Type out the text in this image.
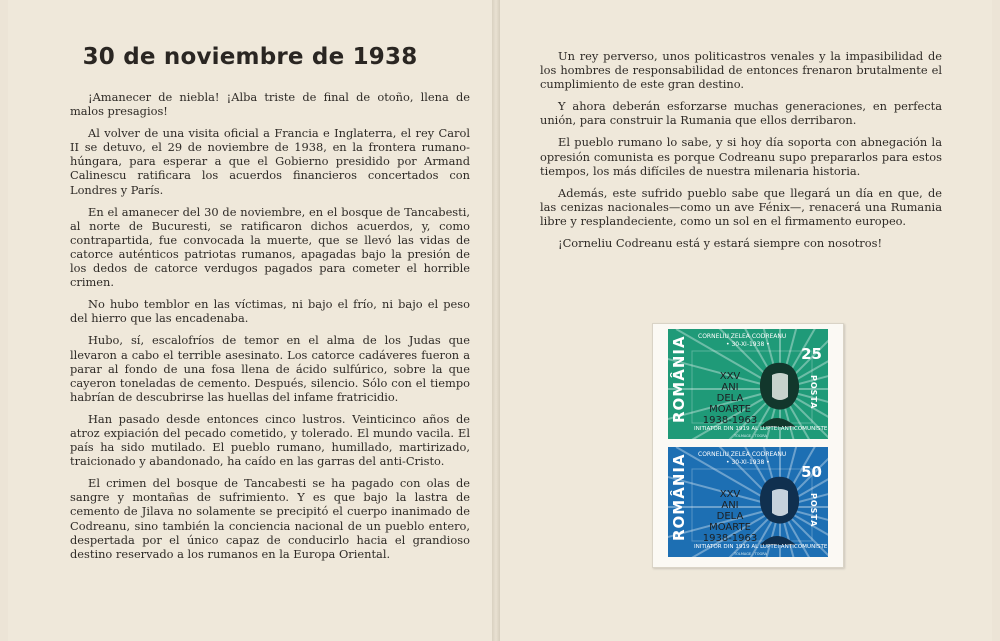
30 de noviembre de 1938

¡Amanecer de niebla! ¡Alba triste de final de otoño, llena de malos presagios!

Al volver de una visita oficial a Francia e Inglaterra, el rey Carol II se detuvo, el 29 de noviembre de 1938, en la frontera rumano-húngara, para esperar a que el Gobierno presidido por Armand Calinescu ratificara los acuerdos financieros concertados con Londres y París.

En el amanecer del 30 de noviembre, en el bosque de Tancabesti, al norte de Bucuresti, se ratificaron dichos acuerdos, y, como contrapartida, fue convocada la muerte, que se llevó las vidas de catorce auténticos patriotas rumanos, apagadas bajo la presión de los dedos de catorce verdugos pagados para cometer el horrible crimen.

No hubo temblor en las víctimas, ni bajo el frío, ni bajo el peso del hierro que las encadenaba.

Hubo, sí, escalofríos de temor en el alma de los Judas que llevaron a cabo el terrible asesinato. Los catorce cadáveres fueron a parar al fondo de una fosa llena de ácido sulfúrico, sobre la que cayeron toneladas de cemento. Después, silencio. Sólo con el tiempo habrían de descubrirse las huellas del infame fratricidio.

Han pasado desde entonces cinco lustros. Veinticinco años de atroz expiación del pecado cometido, y tolerado. El mundo vacila. El país ha sido mutilado. El pueblo rumano, humillado, martirizado, traicionado y abandonado, ha caído en las garras del anti-Cristo.

El crimen del bosque de Tancabesti se ha pagado con olas de sangre y montañas de sufrimiento. Y es que bajo la lastra de cemento de Jilava no solamente se precipitó el cuerpo inanimado de Codreanu, sino también la conciencia nacional de un pueblo entero, despertada por el único capaz de conducirlo hacia el grandioso destino reservado a los rumanos en la Europa Oriental.

Un rey perverso, unos politicastros venales y la impasibilidad de los hombres de responsabilidad de entonces frenaron brutalmente el cumplimiento de este gran destino.

Y ahora deberán esforzarse muchas generaciones, en perfecta unión, para construir la Rumania que ellos derribaron.

El pueblo rumano lo sabe, y si hoy día soporta con abnegación la opresión comunista es porque Codreanu supo prepararlos para estos tiempos, los más difíciles de nuestra milenaria historia.

Además, este sufrido pueblo sabe que llegará un día en que, de las cenizas nacionales—como un ave Fénix—, renacerá una Rumania libre y resplandeciente, como un sol en el firmamento europeo.

¡Corneliu Codreanu está y estará siempre con nosotros!

CORNELIU ZELEA CODREANU
• 30-XI-1938 •
25
ROMÂNIA	POSTA
XXV
ANI
DELA
MOARTE
1938-1963
INITIATOR DIN 1919 AL LUPTEI ANTICOMUNISTE
TOLMAGE - TOGRA
CORNELIU ZELEA CODREANU
• 30-XI-1938 •
50
ROMÂNIA	POSTA
XXV
ANI
DELA
MOARTE
1938-1963
INITIATOR DIN 1919 AL LUPTEI ANTICOMUNISTE
TOLMAGE - TOGRA
